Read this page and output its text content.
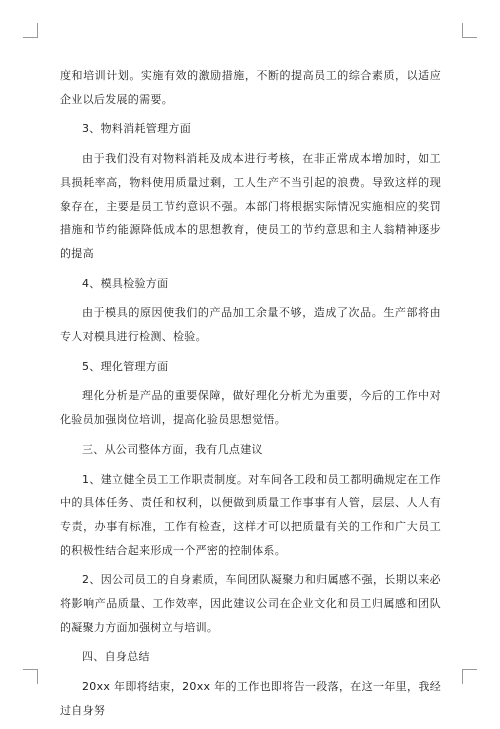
度和培训计划。实施有效的激励措施，不断的提高员工的综合素质，以适应企业以后发展的需要。

3、物料消耗管理方面

由于我们没有对物料消耗及成本进行考核，在非正常成本增加时，如工具损耗率高，物料使用质量过剩，工人生产不当引起的浪费。导致这样的现象存在，主要是员工节约意识不强。本部门将根据实际情况实施相应的奖罚措施和节约能源降低成本的思想教育，使员工的节约意思和主人翁精神逐步的提高

4、模具检验方面

由于模具的原因使我们的产品加工余量不够，造成了次品。生产部将由专人对模具进行检测、检验。

5、理化管理方面

理化分析是产品的重要保障，做好理化分析尤为重要，今后的工作中对化验员加强岗位培训，提高化验员思想觉悟。

三、从公司整体方面，我有几点建议

1、建立健全员工工作职责制度。对车间各工段和员工都明确规定在工作中的具体任务、责任和权利，以便做到质量工作事事有人管，层层、人人有专责，办事有标准，工作有检查，这样才可以把质量有关的工作和广大员工的积极性结合起来形成一个严密的控制体系。

2、因公司员工的自身素质，车间团队凝聚力和归属感不强，长期以来必将影响产品质量、工作效率，因此建议公司在企业文化和员工归属感和团队的凝聚力方面加强树立与培训。

四、自身总结

20xx 年即将结束，20xx 年的工作也即将告一段落，在这一年里，我经过自身努
